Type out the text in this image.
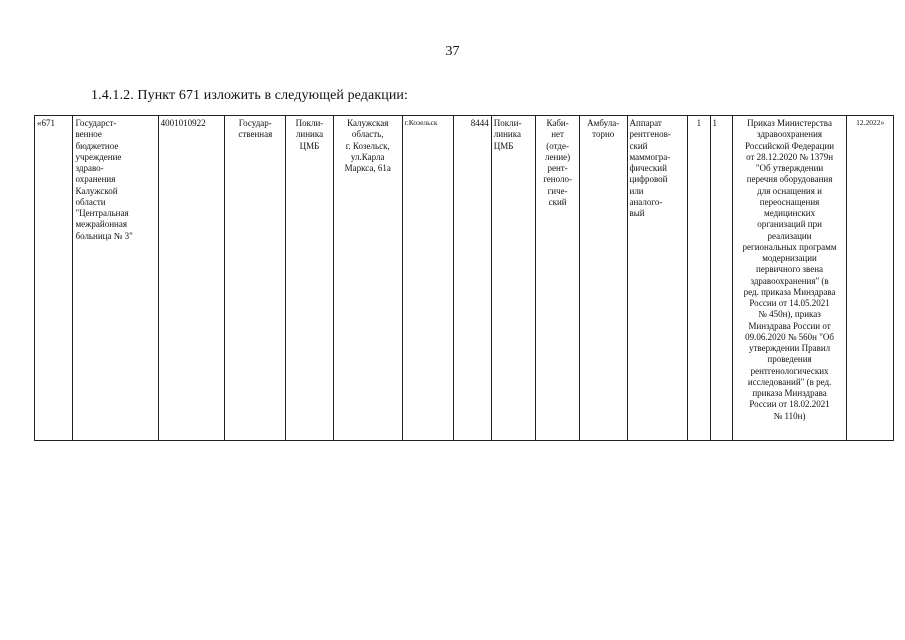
37
1.4.1.2. Пункт 671 изложить в следующей редакции:
«671	Государст-
венное
бюджетное
учреждение
здраво-
охранения
Калужской
области
"Центральная
межрайонная
больница № 3"	4001010922	Государ-
ственная	Покли-
линика
ЦМБ	Калужская
область,
г. Козельск,
ул.Карла
Маркса, 61а	г.Козельск	8444	Покли-
линика
ЦМБ	Каби-
нет
(отде-
ление)
рент-
геноло-
гиче-
ский	Амбула-
торно	Аппарат
рентгенов-
ский
маммогра-
фический
цифровой
или
аналого-
вый	1	1	Приказ Министерства
здравоохранения
Российской Федерации
от 28.12.2020 № 1379н
"Об утверждении
перечня оборудования
для оснащения и
переоснащения
медицинских
организаций при
реализации
региональных программ
модернизации
первичного звена
здравоохранения" (в
ред. приказа Минздрава
России от 14.05.2021
№ 450н), приказ
Минздрава России от
09.06.2020 № 560н "Об
утверждении Правил
проведения
рентгенологических
исследований" (в ред.
приказа Минздрава
России от 18.02.2021
№ 110н)	12.2022»
